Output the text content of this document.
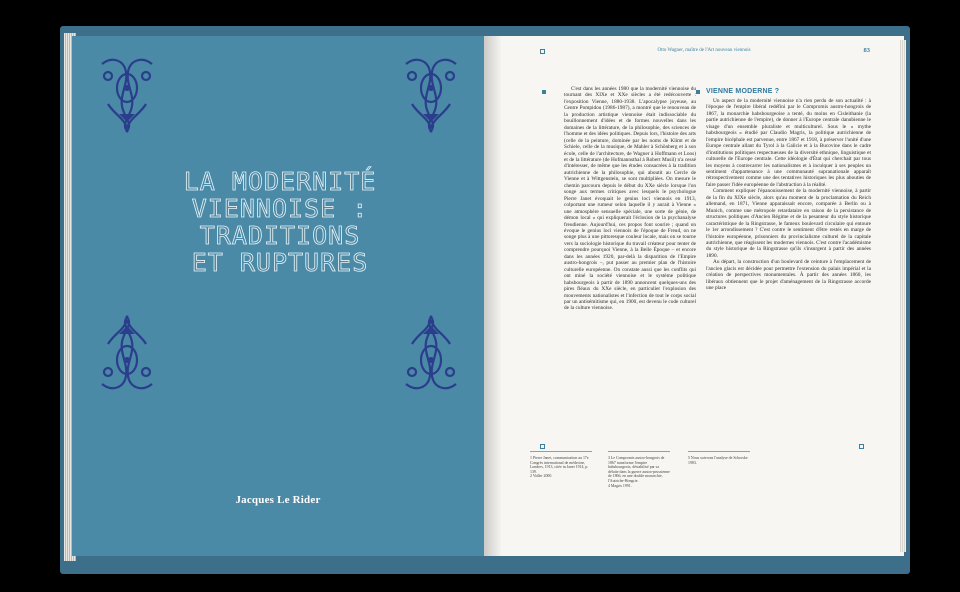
LA MODERNITÉ
VIENNOISE :
TRADITIONS
ET RUPTURES
Jacques Le Rider
Otto Wagner, maître de l'Art nouveau viennois	83

C'est dans les années 1980 que la modernité viennoise du tournant des XIXe et XXe siècles a été redécouverte : l'exposition Vienne, 1880-1938. L'apocalypse joyeuse, au Centre Pompidou (1986-1987), a montré que le renouveau de la production artistique viennoise était indissociable du bouillonnement d'idées et de formes nouvelles dans les domaines de la littérature, de la philosophie, des sciences de l'homme et des idées politiques. Depuis lors, l'histoire des arts (celle de la peinture, dominée par les noms de Klimt et de Schiele, celle de la musique, de Mahler à Schönberg et à son école, celle de l'architecture, de Wagner à Hoffmann et Loos) et de la littérature (de Hofmannsthal à Robert Musil) n'a cessé d'intéresser, de même que les études consacrées à la tradition autrichienne de la philosophie, qui aboutit au Cercle de Vienne et à Wittgenstein, se sont multipliées. On mesure le chemin parcouru depuis le début du XXe siècle lorsque l'on songe aux termes critiques avec lesquels le psychologue Pierre Janet évoquait le genius loci viennois en 1913, colportant une rumeur selon laquelle il y aurait à Vienne « une atmosphère sensuelle spéciale, une sorte de génie, de démon local » qui expliquerait l'éclosion de la psychanalyse freudienne. Aujourd'hui, ces propos font sourire ; quand on évoque le genius loci viennois de l'époque de Freud, on ne songe plus à une pittoresque couleur locale, mais on se tourne vers la sociologie historique du travail créateur pour tenter de comprendre pourquoi Vienne, à la Belle Époque – et encore dans les années 1920, par-delà la disparition de l'Empire austro-hongrois –, put passer au premier plan de l'histoire culturelle européenne. On constate aussi que les conflits qui ont miné la société viennoise et le système politique habsbourgeois à partir de 1890 annoncent quelques-uns des pires fléaux du XXe siècle, en particulier l'explosion des mouvements nationalistes et l'infection de tout le corps social par un antisémitisme qui, en 1900, est devenu le code culturel de la culture viennoise.

VIENNE MODERNE ?

Un aspect de la modernité viennoise n'a rien perdu de son actualité : à l'époque de l'empire libéral redéfini par le Compromis austro-hongrois de 1867, la monarchie habsbourgeoise a tenté, du moins en Cisleithanie (la partie autrichienne de l'empire), de donner à l'Europe centrale danubienne le visage d'un ensemble pluraliste et multiculturel. Sous le « mythe habsbourgeois » étudié par Claudio Magris, la politique autrichienne de l'empire bicéphale est parvenue, entre 1867 et 1918, à préserver l'unité d'une Europe centrale allant du Tyrol à la Galicie et à la Bucovine dans le cadre d'institutions politiques respectueuses de la diversité ethnique, linguistique et culturelle de l'Europe centrale. Cette idéologie d'État qui cherchait par tous les moyens à contrecarrer les nationalismes et à inculquer à ses peuples un sentiment d'appartenance à une communauté supranationale apparaît rétrospectivement comme une des tentatives historiques les plus abouties de faire passer l'idée européenne de l'abstraction à la réalité.

Comment expliquer l'épanouissement de la modernité viennoise, à partir de la fin du XIXe siècle, alors qu'au moment de la proclamation du Reich allemand, en 1871, Vienne apparaissait encore, comparée à Berlin ou à Munich, comme une métropole retardataire en raison de la persistance de structures politiques d'Ancien Régime et de la pesanteur du style historique caractéristique de la Ringstrasse, le fameux boulevard circulaire qui entoure le 1er arrondissement ? C'est contre le sentiment d'être restés en marge de l'histoire européenne, prisonniers du provincialisme culturel de la capitale autrichienne, que réagissent les modernes viennois. C'est contre l'académisme du style historique de la Ringstrasse qu'ils s'insurgent à partir des années 1890.

Au départ, la construction d'un boulevard de ceinture à l'emplacement de l'ancien glacis est décidée pour permettre l'extension du palais impérial et la création de perspectives monumentales. À partir des années 1860, les libéraux obtiennent que le projet d'aménagement de la Ringstrasse accorde une place

1 Pierre Janet, communication au 17e Congrès international de médecine, Londres, 1913, citée in Janet 1914, p. 139.
2 Vidler 2000.
3 Le Compromis austro-hongrois de 1867 transforme l'empire habsbourgeois, déstabilisé par sa défaite dans la guerre austro-prussienne de 1866, en une double monarchie, l'Autriche-Hongrie.
4 Magris 1991.
5 Nous suivrons l'analyse de Schorske 1983.
